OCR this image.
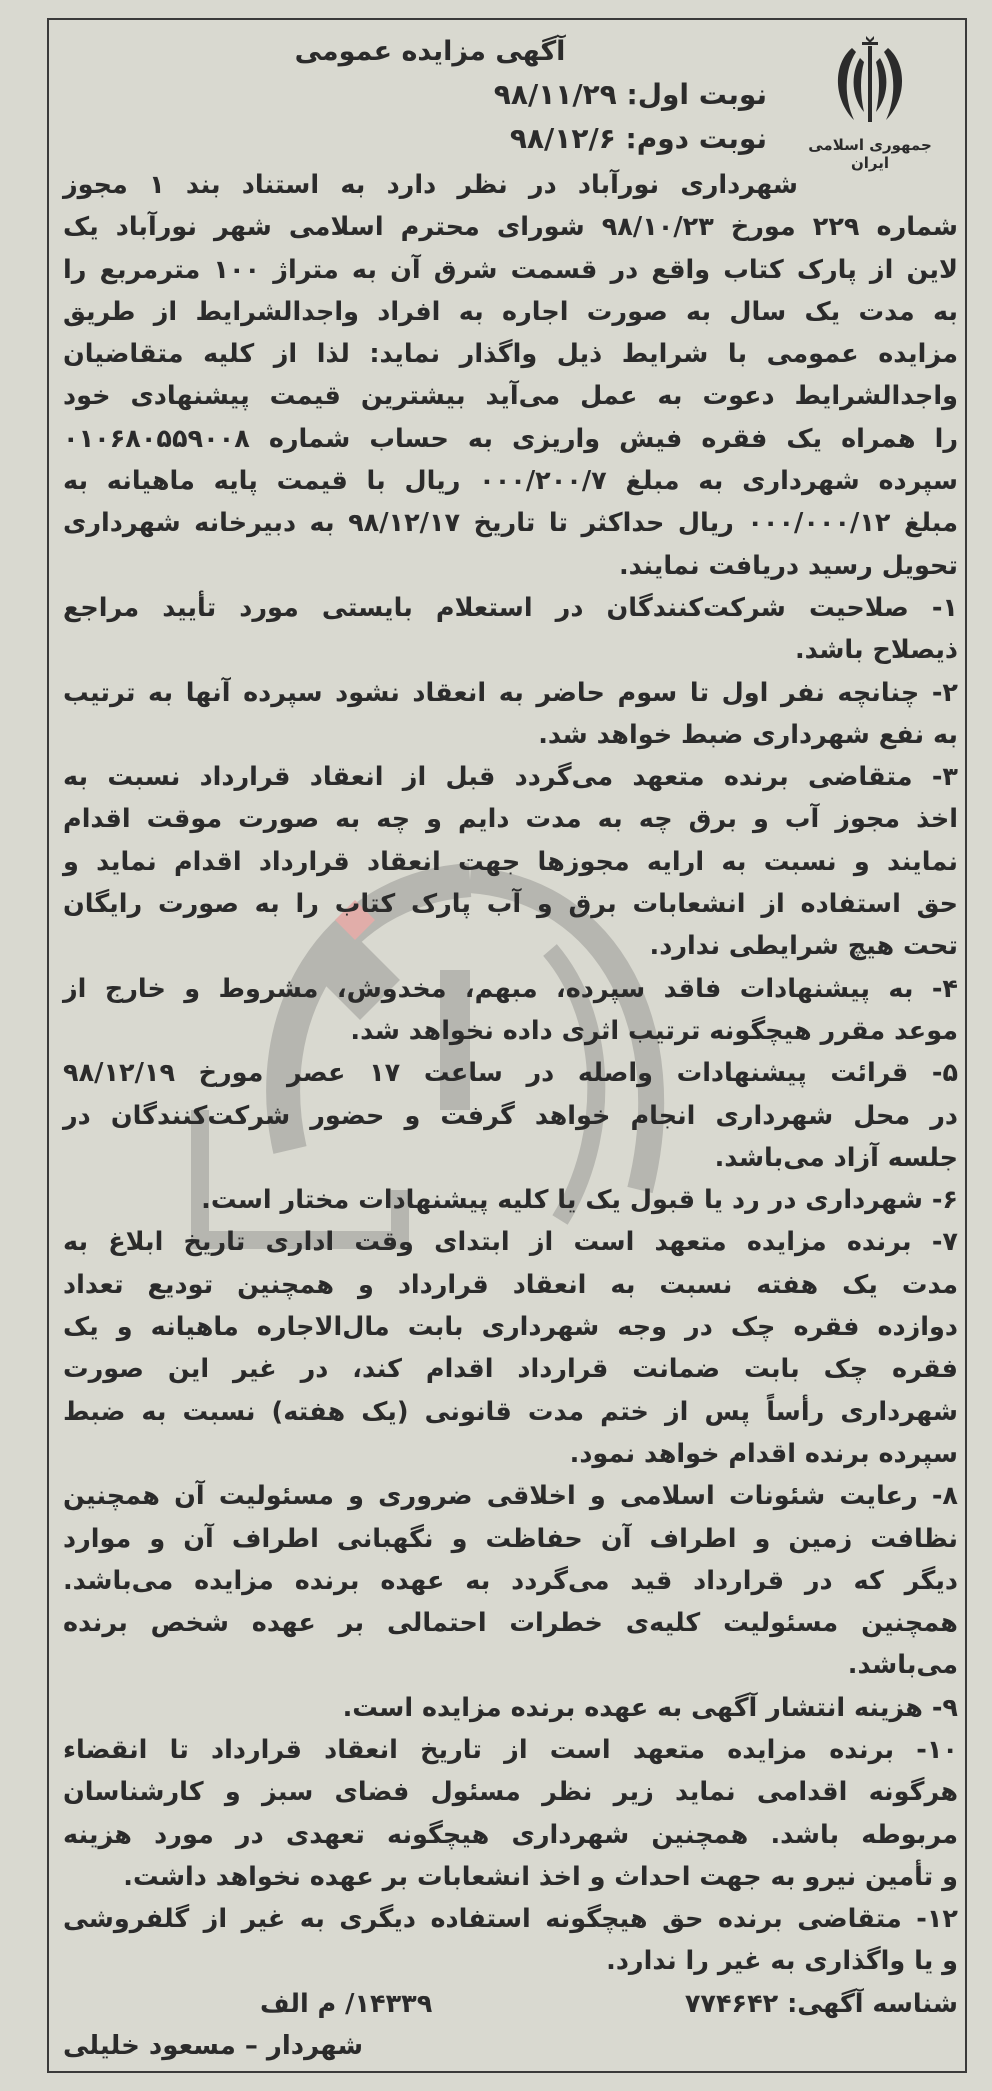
جمهوری اسلامی ایران
آگهی مزایده عمومی
نوبت اول: ۹۸/۱۱/۲۹
نوبت دوم: ۹۸/۱۲/۶
شهرداری نورآباد در نظر دارد به استناد بند ۱ مجوز
شماره ۲۲۹ مورخ ۹۸/۱۰/۲۳ شورای محترم اسلامی شهر نورآباد یک
لاین از پارک کتاب واقع در قسمت شرق آن به متراژ ۱۰۰ مترمربع را
به مدت یک سال به صورت اجاره به افراد واجدالشرایط از طریق
مزایده عمومی با شرایط ذیل واگذار نماید: لذا از کلیه متقاضیان
واجدالشرایط دعوت به عمل می‌آید بیشترین قیمت پیشنهادی خود
را همراه یک فقره فیش واریزی به حساب شماره ۰۱۰۶۸۰۵۵۹۰۰۸
سپرده شهرداری به مبلغ ۰۰۰/۲۰۰/۷ ریال با قیمت پایه ماهیانه به
مبلغ ۰۰۰/۰۰۰/۱۲ ریال حداکثر تا تاریخ ۹۸/۱۲/۱۷ به دبیرخانه شهرداری
تحویل رسید دریافت نمایند.
۱- صلاحیت شرکت‌کنندگان در استعلام بایستی مورد تأیید مراجع
ذیصلاح باشد.
۲- چنانچه نفر اول تا سوم حاضر به انعقاد نشود سپرده آنها به ترتیب
به نفع شهرداری ضبط خواهد شد.
۳- متقاضی برنده متعهد می‌گردد قبل از انعقاد قرارداد نسبت به
اخذ مجوز آب و برق چه به مدت دایم و چه به صورت موقت اقدام
نمایند و نسبت به ارایه مجوزها جهت انعقاد قرارداد اقدام نماید و
حق استفاده از انشعابات برق و آب پارک کتاب را به صورت رایگان
تحت هیچ شرایطی ندارد.
۴- به پیشنهادات فاقد سپرده، مبهم، مخدوش، مشروط و خارج از
موعد مقرر هیچگونه ترتیب اثری داده نخواهد شد.
۵- قرائت پیشنهادات واصله در ساعت ۱۷ عصر مورخ ۹۸/۱۲/۱۹
در محل شهرداری انجام خواهد گرفت و حضور شرکت‌کنندگان در
جلسه آزاد می‌باشد.
۶- شهرداری در رد یا قبول یک یا کلیه پیشنهادات مختار است.
۷- برنده مزایده متعهد است از ابتدای وقت اداری تاریخ ابلاغ به
مدت یک هفته نسبت به انعقاد قرارداد و همچنین تودیع تعداد
دوازده فقره چک در وجه شهرداری بابت مال‌الاجاره ماهیانه و یک
فقره چک بابت ضمانت قرارداد اقدام کند، در غیر این صورت
شهرداری رأساً پس از ختم مدت قانونی (یک هفته) نسبت به ضبط
سپرده برنده اقدام خواهد نمود.
۸- رعایت شئونات اسلامی و اخلاقی ضروری و مسئولیت آن همچنین
نظافت زمین و اطراف آن حفاظت و نگهبانی اطراف آن و موارد
دیگر که در قرارداد قید می‌گردد به عهده برنده مزایده می‌باشد.
همچنین مسئولیت کلیه‌ی خطرات احتمالی بر عهده شخص برنده
می‌باشد.
۹- هزینه انتشار آگهی به عهده برنده مزایده است.
۱۰- برنده مزایده متعهد است از تاریخ انعقاد قرارداد تا انقضاء
هرگونه اقدامی نماید زیر نظر مسئول فضای سبز و کارشناسان
مربوطه باشد. همچنین شهرداری هیچگونه تعهدی در مورد هزینه
و تأمین نیرو به جهت احداث و اخذ انشعابات بر عهده نخواهد داشت.
۱۲- متقاضی برنده حق هیچگونه استفاده دیگری به غیر از گلفروشی
و یا واگذاری به غیر را ندارد.
شناسه آگهی: ۷۷۴۶۴۲
۱۴۳۳۹/ م الف
شهردار – مسعود خلیلی
